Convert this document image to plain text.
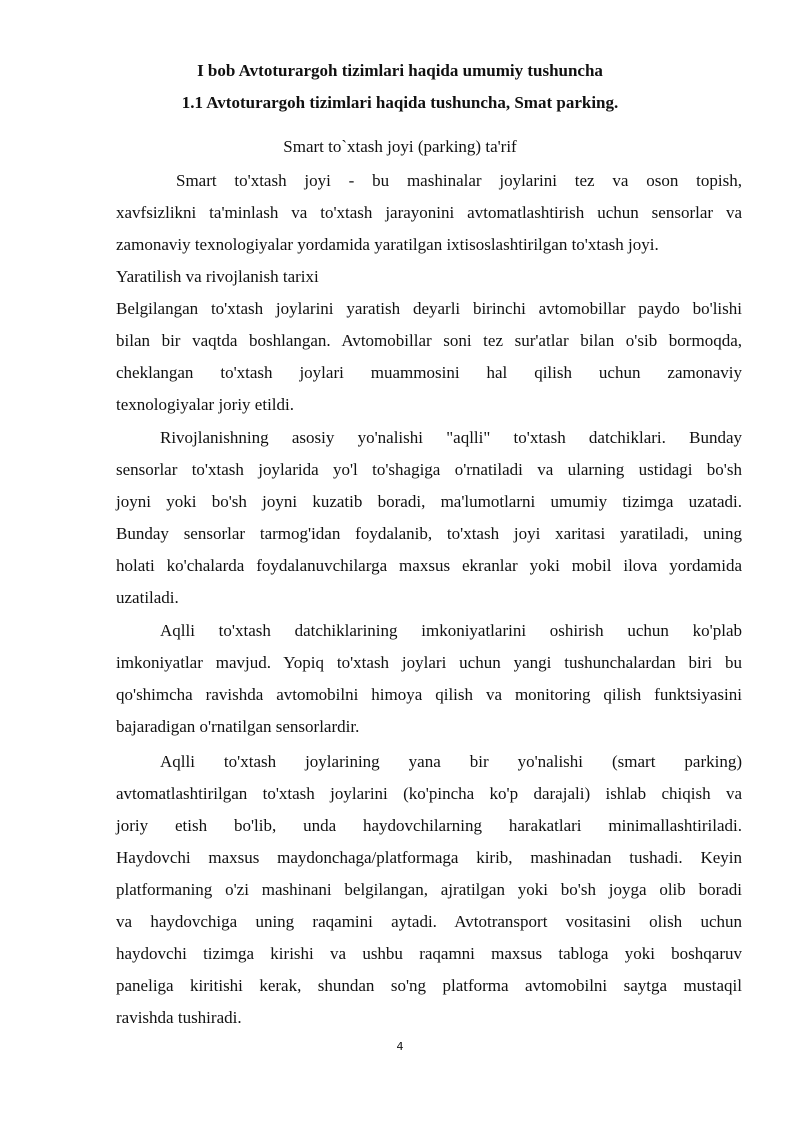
I bob Avtoturargoh tizimlari haqida umumiy tushuncha
1.1 Avtoturargoh tizimlari haqida tushuncha, Smat parking.
Smart to`xtash joyi (parking) ta'rif
Smart to'xtash joyi - bu mashinalar joylarini tez va oson topish,
xavfsizlikni ta'minlash va to'xtash jarayonini avtomatlashtirish uchun sensorlar va
zamonaviy texnologiyalar yordamida yaratilgan ixtisoslashtirilgan to'xtash joyi.
Yaratilish va rivojlanish tarixi
Belgilangan to'xtash joylarini yaratish deyarli birinchi avtomobillar paydo bo'lishi
bilan bir vaqtda boshlangan. Avtomobillar soni tez sur'atlar bilan o'sib bormoqda,
cheklangan to'xtash joylari muammosini hal qilish uchun zamonaviy
texnologiyalar joriy etildi.
Rivojlanishning asosiy yo'nalishi "aqlli" to'xtash datchiklari. Bunday
sensorlar to'xtash joylarida yo'l to'shagiga o'rnatiladi va ularning ustidagi bo'sh
joyni yoki bo'sh joyni kuzatib boradi, ma'lumotlarni umumiy tizimga uzatadi.
Bunday sensorlar tarmog'idan foydalanib, to'xtash joyi xaritasi yaratiladi, uning
holati ko'chalarda foydalanuvchilarga maxsus ekranlar yoki mobil ilova yordamida
uzatiladi.
Aqlli to'xtash datchiklarining imkoniyatlarini oshirish uchun ko'plab
imkoniyatlar mavjud. Yopiq to'xtash joylari uchun yangi tushunchalardan biri bu
qo'shimcha ravishda avtomobilni himoya qilish va monitoring qilish funktsiyasini
bajaradigan o'rnatilgan sensorlardir.
Aqlli to'xtash joylarining yana bir yo'nalishi (smart parking)
avtomatlashtirilgan to'xtash joylarini (ko'pincha ko'p darajali) ishlab chiqish va
joriy etish bo'lib, unda haydovchilarning harakatlari minimallashtiriladi.
Haydovchi maxsus maydonchaga/platformaga kirib, mashinadan tushadi. Keyin
platformaning o'zi mashinani belgilangan, ajratilgan yoki bo'sh joyga olib boradi
va haydovchiga uning raqamini aytadi. Avtotransport vositasini olish uchun
haydovchi tizimga kirishi va ushbu raqamni maxsus tabloga yoki boshqaruv
paneliga kiritishi kerak, shundan so'ng platforma avtomobilni saytga mustaqil
ravishda tushiradi.
4
